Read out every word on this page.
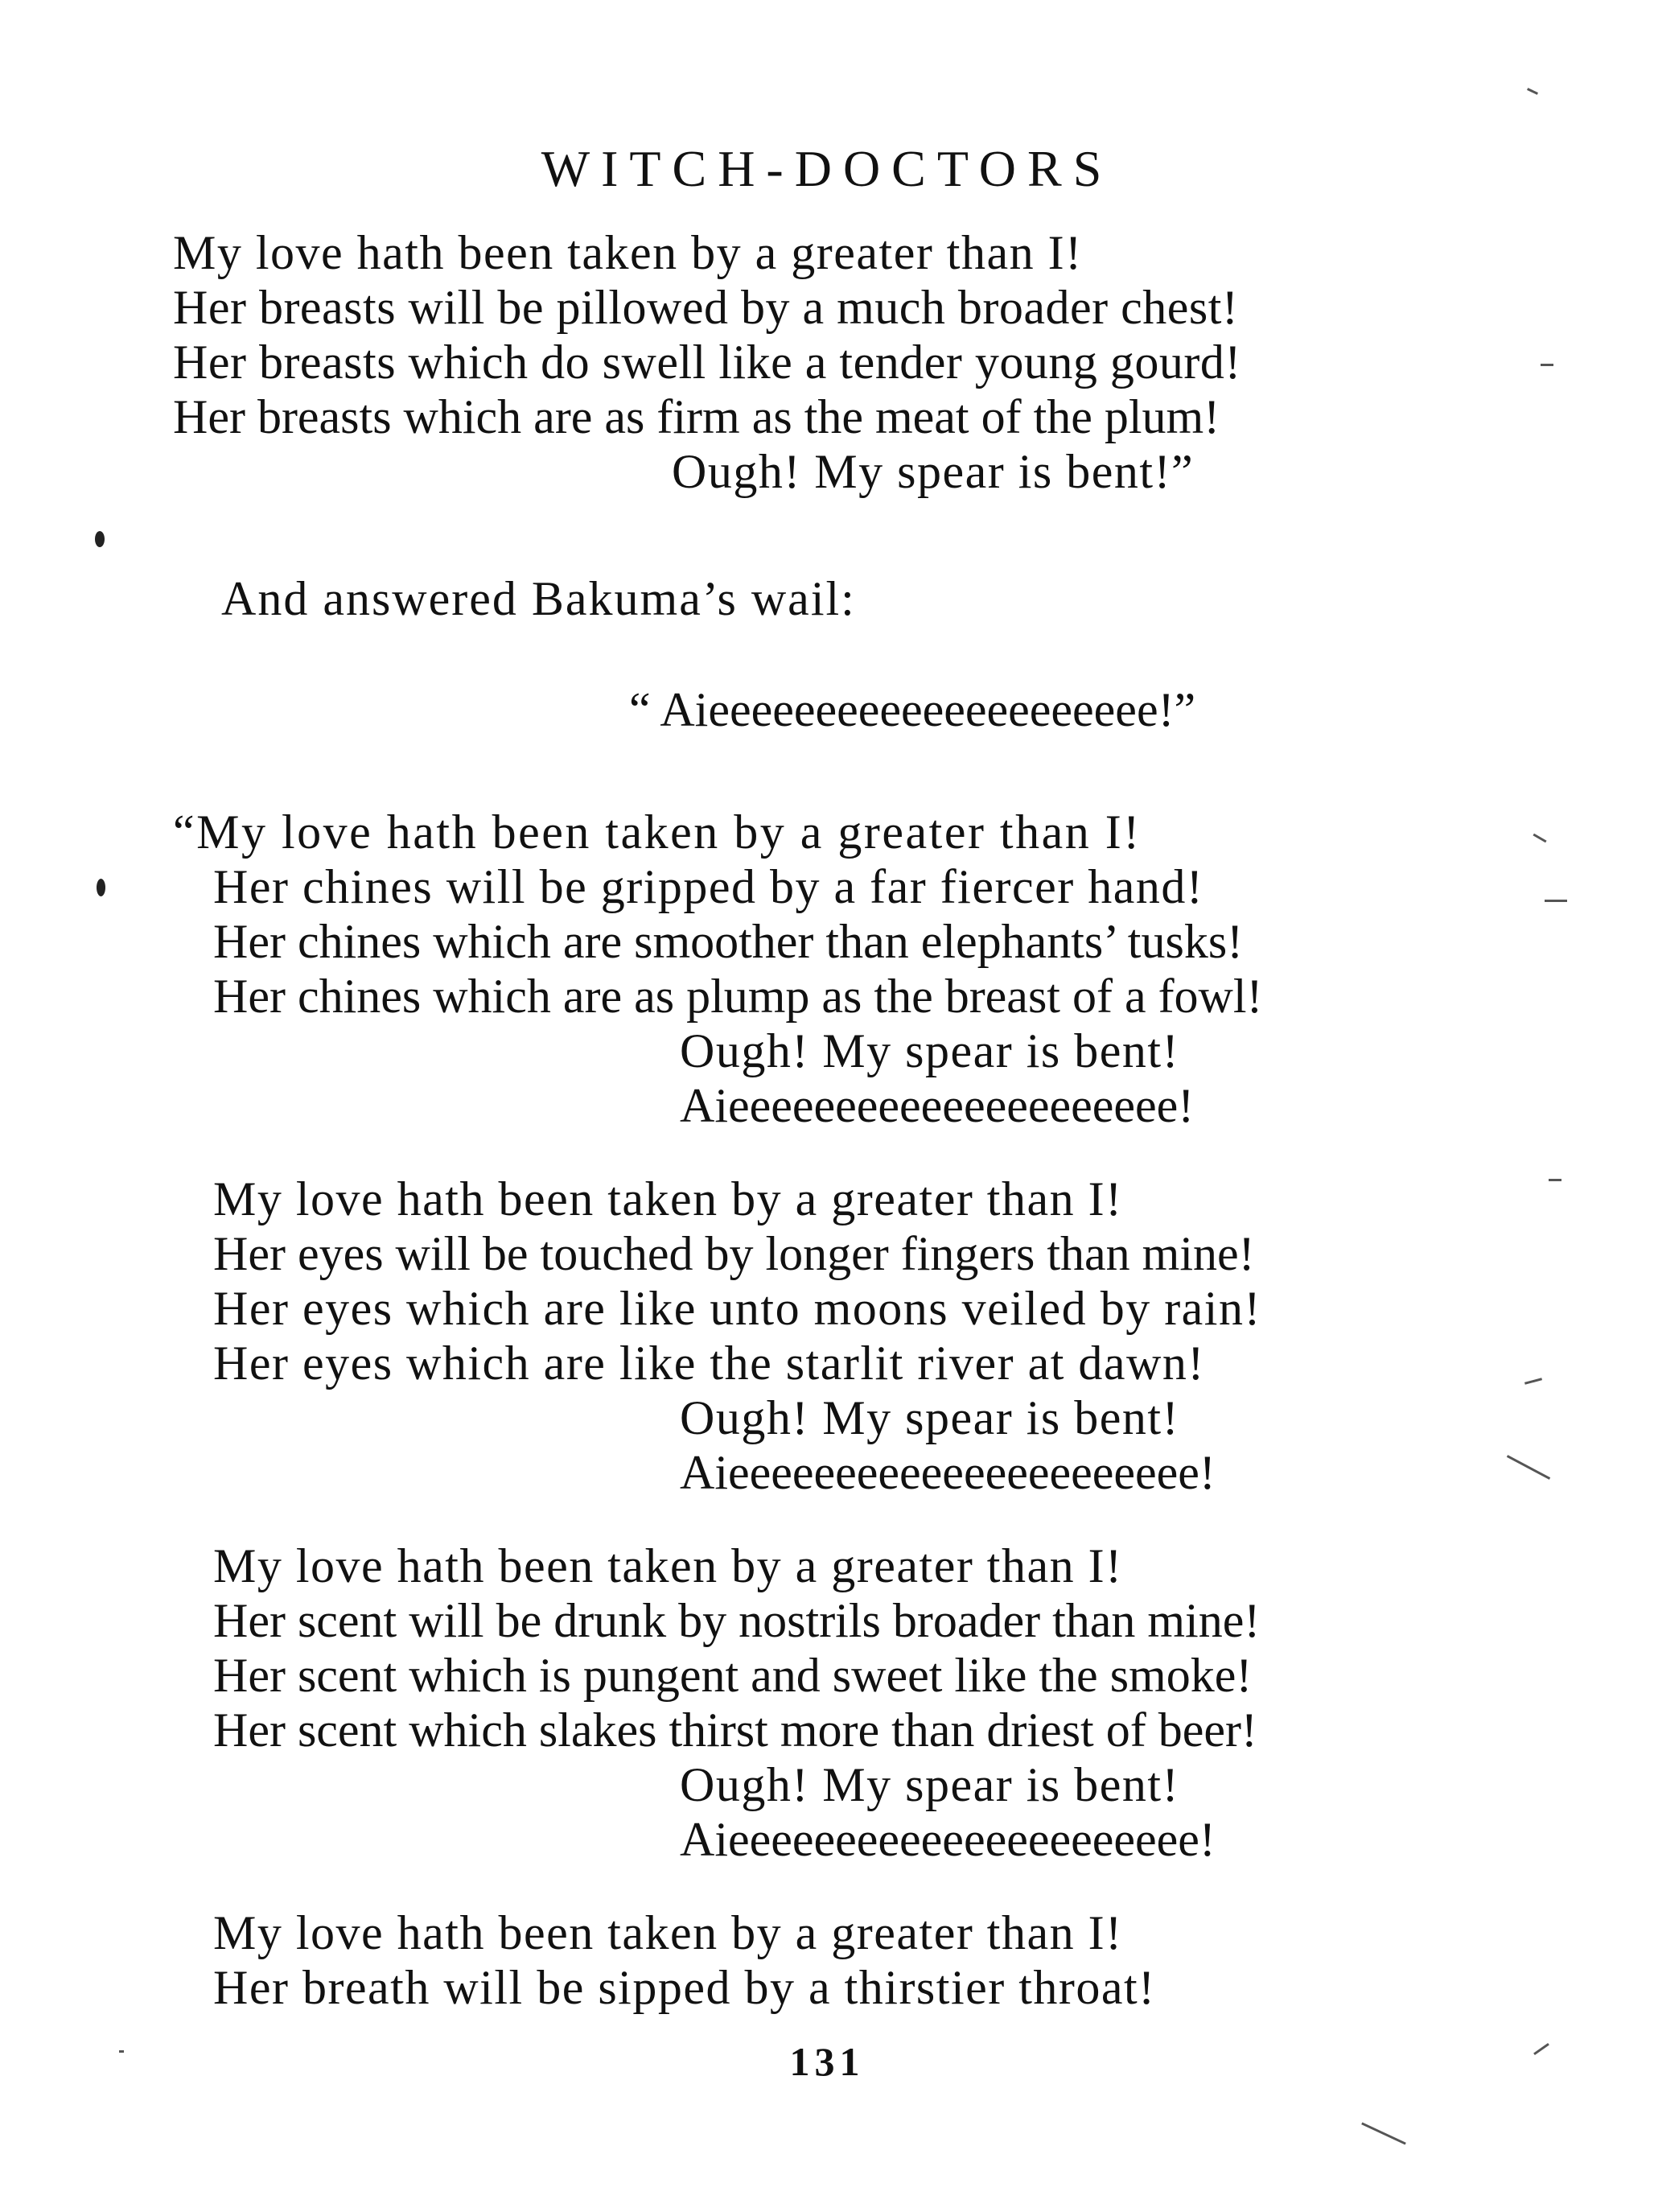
WITCH-DOCTORS
My love hath been taken by a greater than I!
Her breasts will be pillowed by a much broader chest!
Her breasts which do swell like a tender young gourd!
Her breasts which are as firm as the meat of the plum!
Ough! My spear is bent!”
And answered Bakuma’s wail:
“ Aieeeeeeeeeeeeeeeeeeeee!”
“My love hath been taken by a greater than I!
Her chines will be gripped by a far fiercer hand!
Her chines which are smoother than elephants’ tusks!
Her chines which are as plump as the breast of a fowl!
Ough! My spear is bent!
Aieeeeeeeeeeeeeeeeeeeee!
My love hath been taken by a greater than I!
Her eyes will be touched by longer fingers than mine!
Her eyes which are like unto moons veiled by rain!
Her eyes which are like the starlit river at dawn!
Ough! My spear is bent!
Aieeeeeeeeeeeeeeeeeeeeee!
My love hath been taken by a greater than I!
Her scent will be drunk by nostrils broader than mine!
Her scent which is pungent and sweet like the smoke!
Her scent which slakes thirst more than driest of beer!
Ough! My spear is bent!
Aieeeeeeeeeeeeeeeeeeeeee!
My love hath been taken by a greater than I!
Her breath will be sipped by a thirstier throat!
131
